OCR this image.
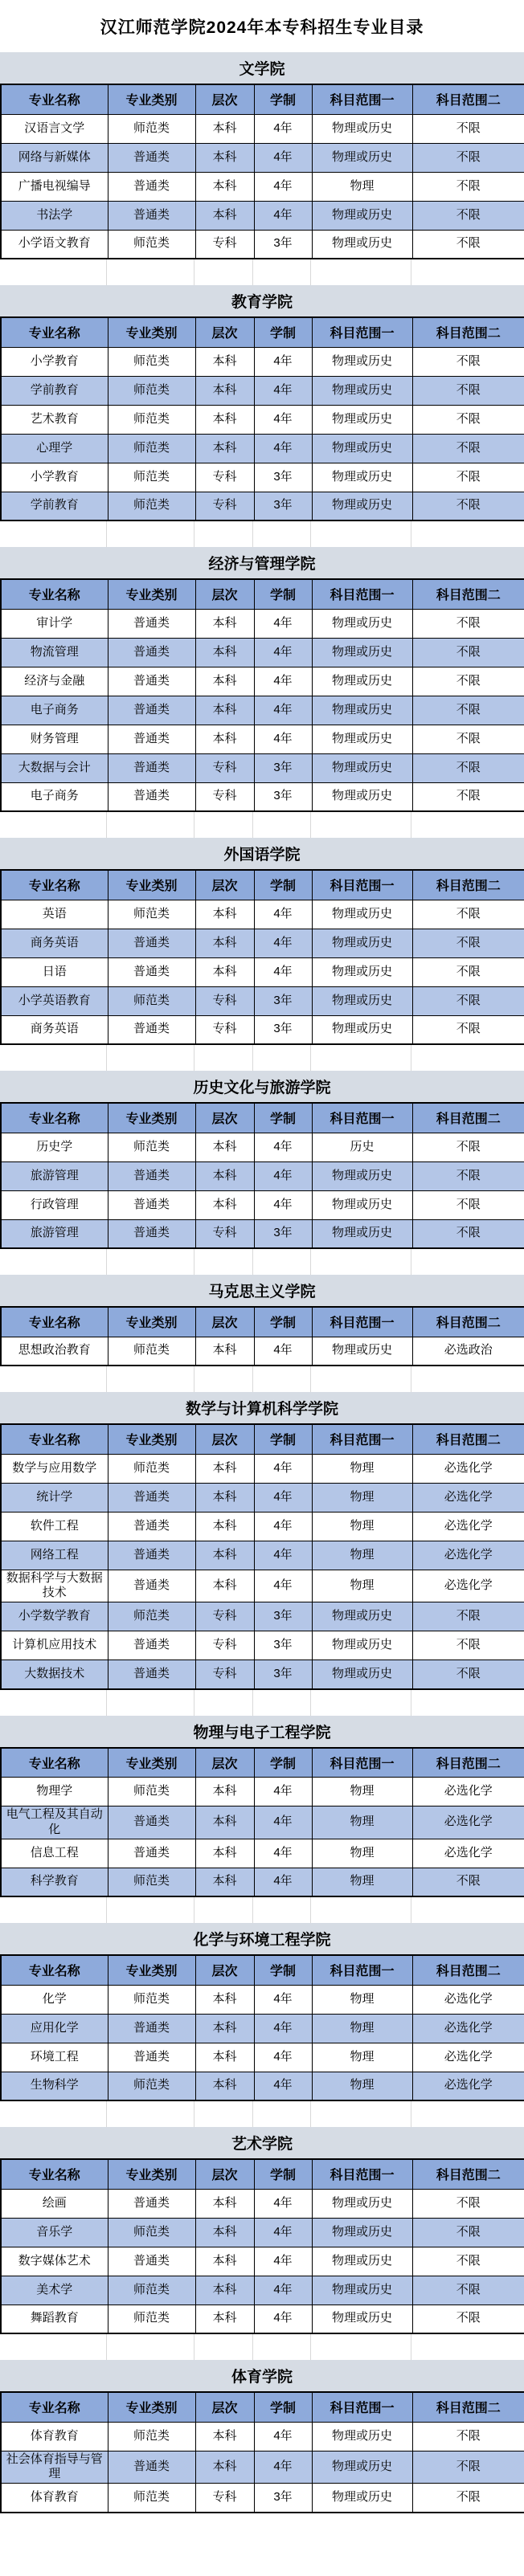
汉江师范学院2024年本专科招生专业目录
文学院
专业名称	专业类别	层次	学制	科目范围一	科目范围二
汉语言文学	师范类	本科	4年	物理或历史	不限
网络与新媒体	普通类	本科	4年	物理或历史	不限
广播电视编导	普通类	本科	4年	物理	不限
书法学	普通类	本科	4年	物理或历史	不限
小学语文教育	师范类	专科	3年	物理或历史	不限
教育学院
专业名称	专业类别	层次	学制	科目范围一	科目范围二
小学教育	师范类	本科	4年	物理或历史	不限
学前教育	师范类	本科	4年	物理或历史	不限
艺术教育	师范类	本科	4年	物理或历史	不限
心理学	师范类	本科	4年	物理或历史	不限
小学教育	师范类	专科	3年	物理或历史	不限
学前教育	师范类	专科	3年	物理或历史	不限
经济与管理学院
专业名称	专业类别	层次	学制	科目范围一	科目范围二
审计学	普通类	本科	4年	物理或历史	不限
物流管理	普通类	本科	4年	物理或历史	不限
经济与金融	普通类	本科	4年	物理或历史	不限
电子商务	普通类	本科	4年	物理或历史	不限
财务管理	普通类	本科	4年	物理或历史	不限
大数据与会计	普通类	专科	3年	物理或历史	不限
电子商务	普通类	专科	3年	物理或历史	不限
外国语学院
专业名称	专业类别	层次	学制	科目范围一	科目范围二
英语	师范类	本科	4年	物理或历史	不限
商务英语	普通类	本科	4年	物理或历史	不限
日语	普通类	本科	4年	物理或历史	不限
小学英语教育	师范类	专科	3年	物理或历史	不限
商务英语	普通类	专科	3年	物理或历史	不限
历史文化与旅游学院
专业名称	专业类别	层次	学制	科目范围一	科目范围二
历史学	师范类	本科	4年	历史	不限
旅游管理	普通类	本科	4年	物理或历史	不限
行政管理	普通类	本科	4年	物理或历史	不限
旅游管理	普通类	专科	3年	物理或历史	不限
马克思主义学院
专业名称	专业类别	层次	学制	科目范围一	科目范围二
思想政治教育	师范类	本科	4年	物理或历史	必选政治
数学与计算机科学学院
专业名称	专业类别	层次	学制	科目范围一	科目范围二
数学与应用数学	师范类	本科	4年	物理	必选化学
统计学	普通类	本科	4年	物理	必选化学
软件工程	普通类	本科	4年	物理	必选化学
网络工程	普通类	本科	4年	物理	必选化学
数据科学与大数据技术	普通类	本科	4年	物理	必选化学
小学数学教育	师范类	专科	3年	物理或历史	不限
计算机应用技术	普通类	专科	3年	物理或历史	不限
大数据技术	普通类	专科	3年	物理或历史	不限
物理与电子工程学院
专业名称	专业类别	层次	学制	科目范围一	科目范围二
物理学	师范类	本科	4年	物理	必选化学
电气工程及其自动化	普通类	本科	4年	物理	必选化学
信息工程	普通类	本科	4年	物理	必选化学
科学教育	师范类	本科	4年	物理	不限
化学与环境工程学院
专业名称	专业类别	层次	学制	科目范围一	科目范围二
化学	师范类	本科	4年	物理	必选化学
应用化学	普通类	本科	4年	物理	必选化学
环境工程	普通类	本科	4年	物理	必选化学
生物科学	师范类	本科	4年	物理	必选化学
艺术学院
专业名称	专业类别	层次	学制	科目范围一	科目范围二
绘画	普通类	本科	4年	物理或历史	不限
音乐学	师范类	本科	4年	物理或历史	不限
数字媒体艺术	普通类	本科	4年	物理或历史	不限
美术学	师范类	本科	4年	物理或历史	不限
舞蹈教育	师范类	本科	4年	物理或历史	不限
体育学院
专业名称	专业类别	层次	学制	科目范围一	科目范围二
体育教育	师范类	本科	4年	物理或历史	不限
社会体育指导与管理	普通类	本科	4年	物理或历史	不限
体育教育	师范类	专科	3年	物理或历史	不限
